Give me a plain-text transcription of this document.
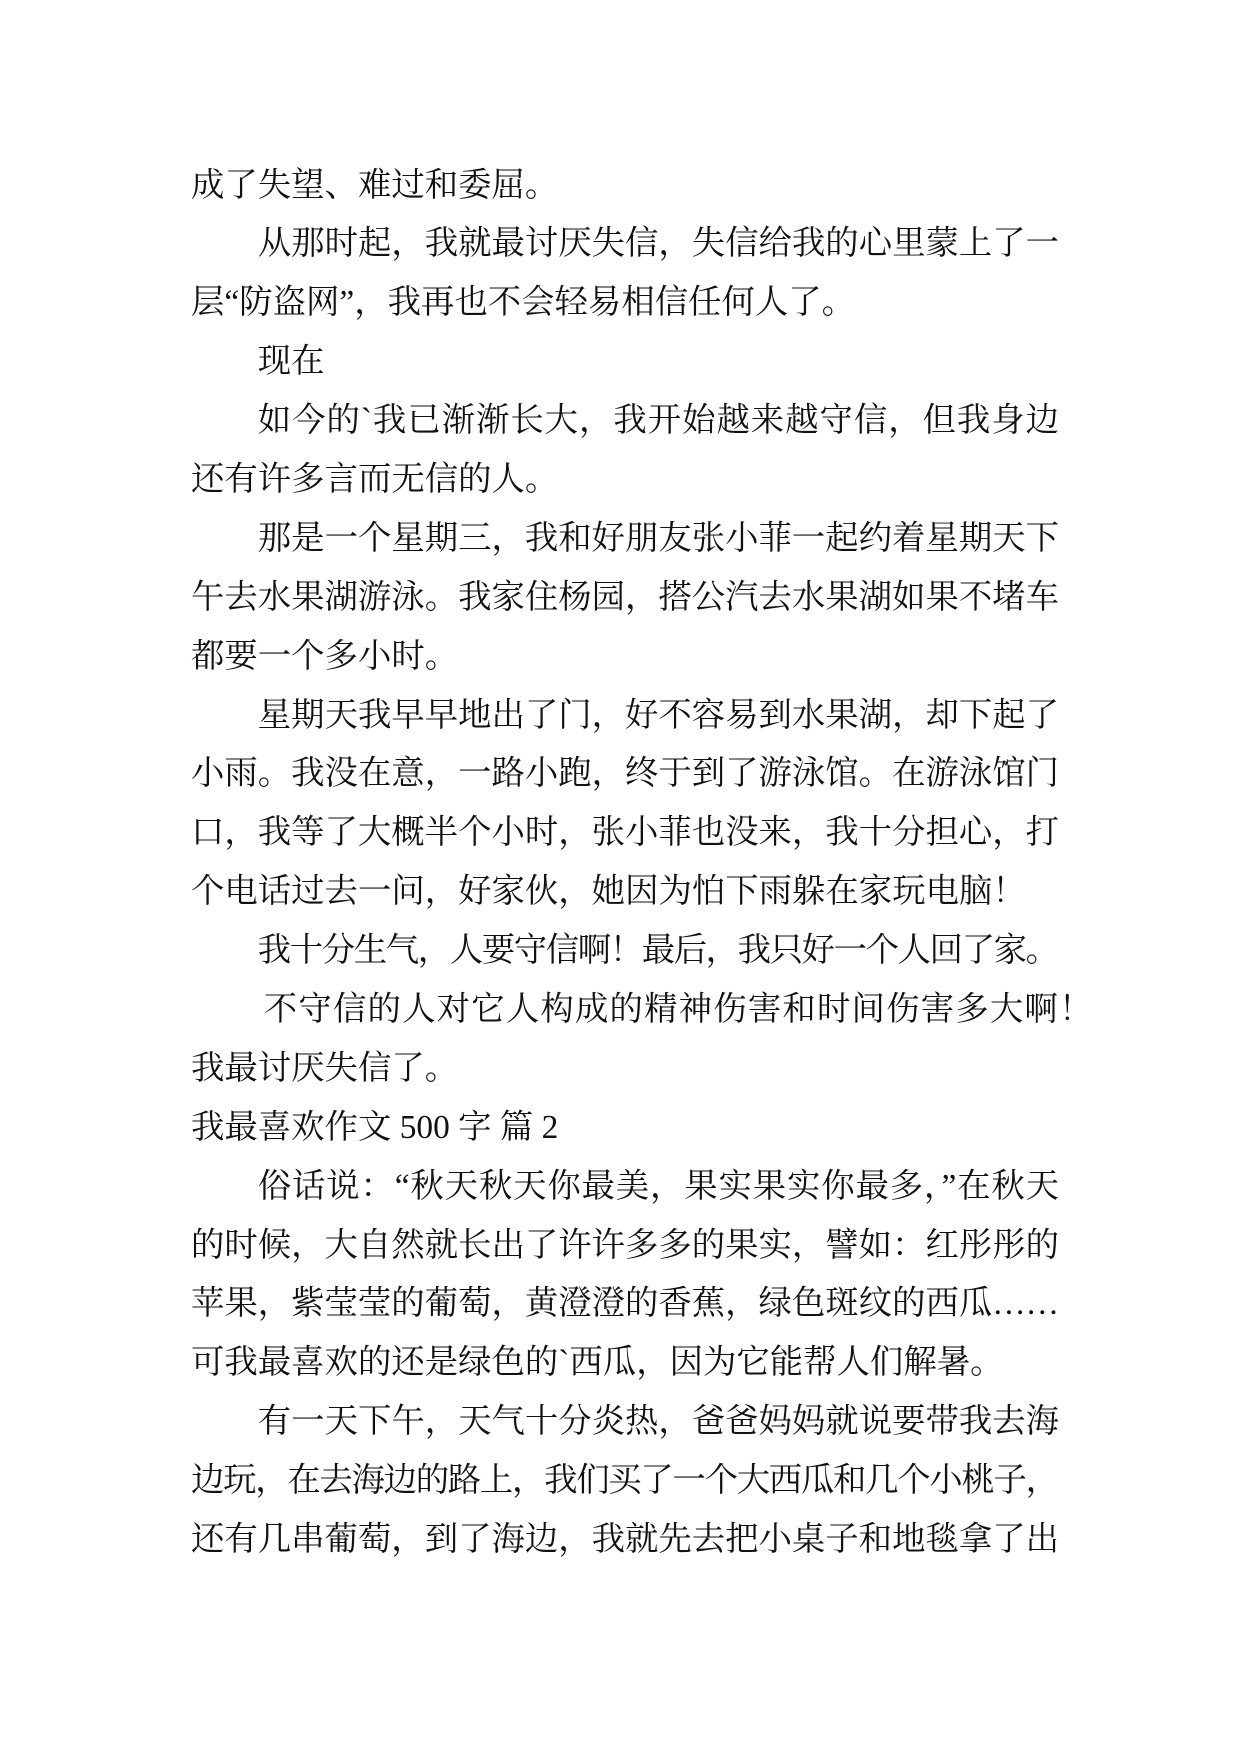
成了失望、难过和委屈。

从那时起，我就最讨厌失信，失信给我的心里蒙上了一

层“防盗网”，我再也不会轻易相信任何人了。

现在

如今的`我已渐渐长大，我开始越来越守信，但我身边

还有许多言而无信的人。

那是一个星期三，我和好朋友张小菲一起约着星期天下

午去水果湖游泳。我家住杨园，搭公汽去水果湖如果不堵车

都要一个多小时。

星期天我早早地出了门，好不容易到水果湖，却下起了

小雨。我没在意，一路小跑，终于到了游泳馆。在游泳馆门

口，我等了大概半个小时，张小菲也没来，我十分担心，打

个电话过去一问，好家伙，她因为怕下雨躲在家玩电脑！

我十分生气，人要守信啊！最后，我只好一个人回了家。

不守信的人对它人构成的精神伤害和时间伤害多大啊！

我最讨厌失信了。

我最喜欢作文 500 字 篇 2

俗话说：“秋天秋天你最美，果实果实你最多，”在秋天

的时候，大自然就长出了许许多多的果实，譬如：红彤彤的

苹果，紫莹莹的葡萄，黄澄澄的香蕉，绿色斑纹的西瓜……

可我最喜欢的还是绿色的`西瓜，因为它能帮人们解暑。

有一天下午，天气十分炎热，爸爸妈妈就说要带我去海

边玩，在去海边的路上，我们买了一个大西瓜和几个小桃子，

还有几串葡萄，到了海边，我就先去把小桌子和地毯拿了出
